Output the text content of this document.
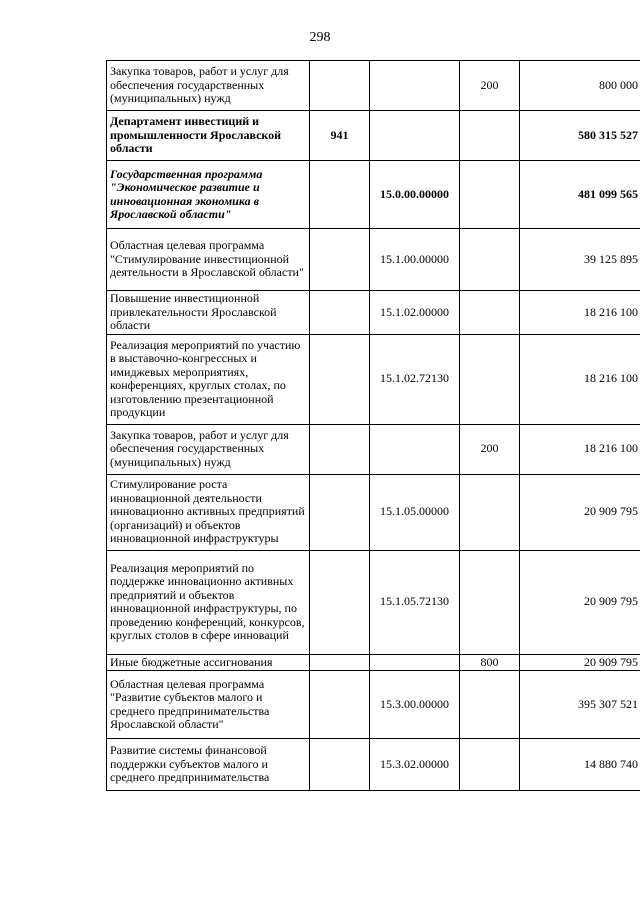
298
Закупка товаров, работ и услуг для обеспечения государственных (муниципальных) нужд			200	800 000
Департамент инвестиций и промышленности Ярославской области	941			580 315 527
Государственная программа "Экономическое развитие и инновационная экономика в Ярославской области"		15.0.00.00000		481 099 565
Областная целевая программа "Стимулирование инвестиционной деятельности в Ярославской области"		15.1.00.00000		39 125 895
Повышение инвестиционной привлекательности Ярославской области		15.1.02.00000		18 216 100
Реализация мероприятий по участию в выставочно-конгрессных и имиджевых мероприятиях, конференциях, круглых столах, по изготовлению презентационной продукции		15.1.02.72130		18 216 100
Закупка товаров, работ и услуг для обеспечения государственных (муниципальных) нужд			200	18 216 100
Стимулирование роста инновационной деятельности инновационно активных предприятий (организаций) и объектов инновационной инфраструктуры		15.1.05.00000		20 909 795
Реализация мероприятий по поддержке инновационно активных предприятий и объектов инновационной инфраструктуры, по проведению конференций, конкурсов, круглых столов в сфере инноваций		15.1.05.72130		20 909 795
Иные бюджетные ассигнования			800	20 909 795
Областная целевая программа "Развитие субъектов малого и среднего предпринимательства Ярославской области"		15.3.00.00000		395 307 521
Развитие системы финансовой поддержки субъектов малого и среднего предпринимательства		15.3.02.00000		14 880 740
